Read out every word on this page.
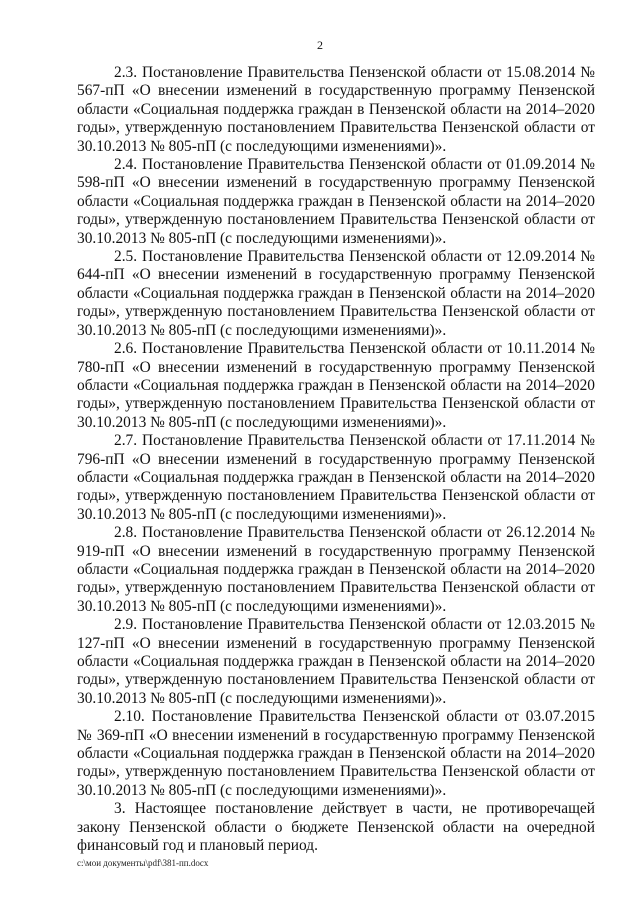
2

2.3. Постановление Правительства Пензенской области от 15.08.2014 № 567-пП «О внесении изменений в государственную программу Пензенской области «Социальная поддержка граждан в Пензенской области на 2014–2020 годы», утвержденную постановлением Правительства Пензенской области от 30.10.2013 № 805-пП (с последующими изменениями)».

2.4. Постановление Правительства Пензенской области от 01.09.2014 № 598-пП «О внесении изменений в государственную программу Пензенской области «Социальная поддержка граждан в Пензенской области на 2014–2020 годы», утвержденную постановлением Правительства Пензенской области от 30.10.2013 № 805-пП (с последующими изменениями)».

2.5. Постановление Правительства Пензенской области от 12.09.2014 № 644-пП «О внесении изменений в государственную программу Пензенской области «Социальная поддержка граждан в Пензенской области на 2014–2020 годы», утвержденную постановлением Правительства Пензенской области от 30.10.2013 № 805-пП (с последующими изменениями)».

2.6. Постановление Правительства Пензенской области от 10.11.2014 № 780-пП «О внесении изменений в государственную программу Пензенской области «Социальная поддержка граждан в Пензенской области на 2014–2020 годы», утвержденную постановлением Правительства Пензенской области от 30.10.2013 № 805-пП (с последующими изменениями)».

2.7. Постановление Правительства Пензенской области от 17.11.2014 № 796-пП «О внесении изменений в государственную программу Пензенской области «Социальная поддержка граждан в Пензенской области на 2014–2020 годы», утвержденную постановлением Правительства Пензенской области от 30.10.2013 № 805-пП (с последующими изменениями)».

2.8. Постановление Правительства Пензенской области от 26.12.2014 № 919-пП «О внесении изменений в государственную программу Пензенской области «Социальная поддержка граждан в Пензенской области на 2014–2020 годы», утвержденную постановлением Правительства Пензенской области от 30.10.2013 № 805-пП (с последующими изменениями)».

2.9. Постановление Правительства Пензенской области от 12.03.2015 № 127-пП «О внесении изменений в государственную программу Пензенской области «Социальная поддержка граждан в Пензенской области на 2014–2020 годы», утвержденную постановлением Правительства Пензенской области от 30.10.2013 № 805-пП (с последующими изменениями)».

2.10. Постановление Правительства Пензенской области от 03.07.2015 № 369-пП «О внесении изменений в государственную программу Пензенской области «Социальная поддержка граждан в Пензенской области на 2014–2020 годы», утвержденную постановлением Правительства Пензенской области от 30.10.2013 № 805-пП (с последующими изменениями)».

3. Настоящее постановление действует в части, не противоречащей закону Пензенской области о бюджете Пензенской области на очередной финансовый год и плановый период.

c:\мои документы\pdf\381-пп.docx
